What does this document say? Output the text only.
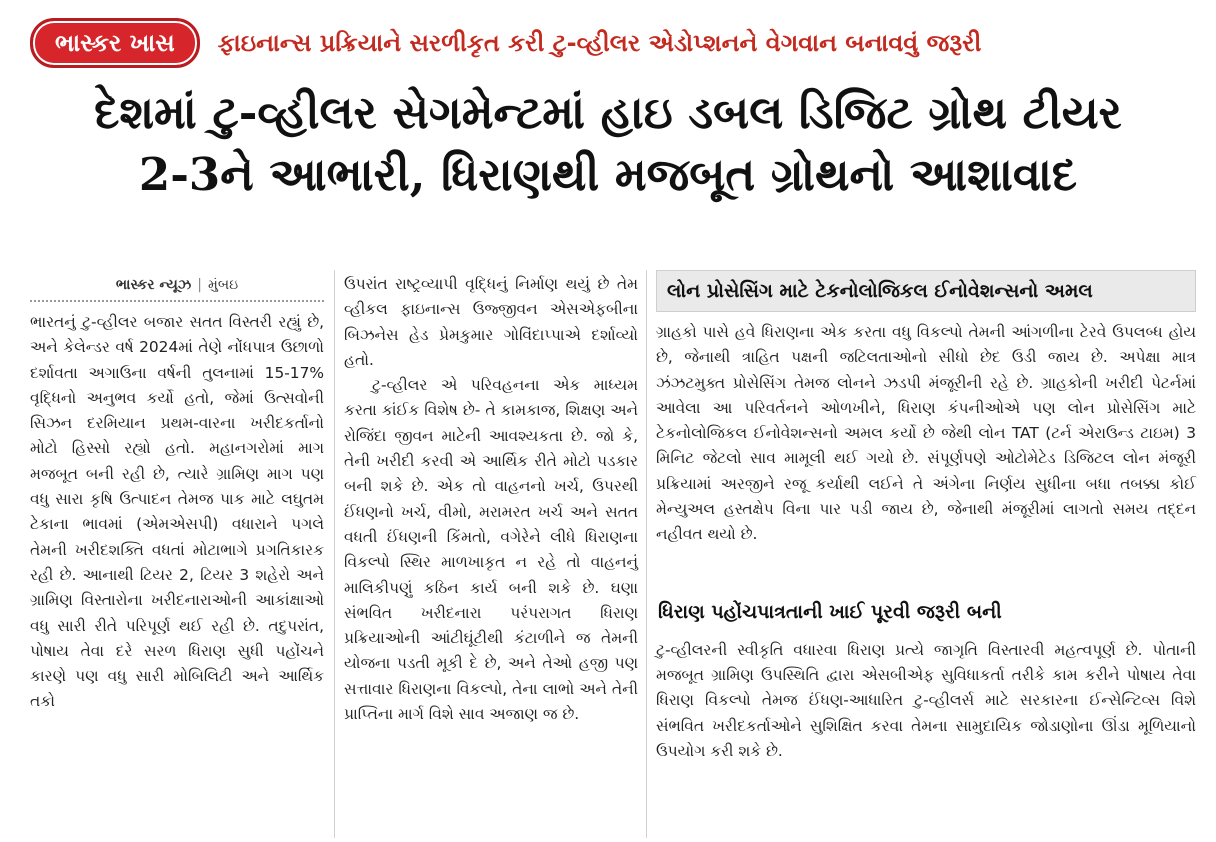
ભાસ્કર ખાસ	ફાઇનાન્સ પ્રક્રિયાને સરળીકૃત કરી ટુ-વ્હીલર એડોપ્શનને વેગવાન બનાવવું જરૂરી
દેશમાં ટુ-વ્હીલર સેગમેન્ટમાં હાઇ ડબલ ડિજિટ ગ્રોથ ટીયર
2-3ને આભારી, ધિરાણથી મજબૂત ગ્રોથનો આશાવાદ
ભાસ્કર ન્યૂઝ | મુંબઇ

ભારતનું ટુ-વ્હીલર બજાર સતત વિસ્તરી રહ્યું છે, અને કેલેન્ડર વર્ષ 2024માં તેણે નોંધપાત્ર ઉછાળો દર્શાવતા અગાઉના વર્ષની તુલનામાં 15-17% વૃદ્ધિનો અનુભવ કર્યો હતો, જેમાં ઉત્સવોની સિઝન દરમિયાન પ્રથમ-વારના ખરીદકર્તાનો મોટો હિસ્સો રહ્યો હતો. મહાનગરોમાં માગ મજબૂત બની રહી છે, ત્યારે ગ્રામિણ માગ પણ વધુ સારા કૃષિ ઉત્પાદન તેમજ પાક માટે લઘુતમ ટેકાના ભાવમાં (એમએસપી) વધારાને પગલે તેમની ખરીદશક્તિ વધતાં મોટાભાગે પ્રગતિકારક રહી છે. આનાથી ટિયર 2, ટિયર 3 શહેરો અને ગ્રામિણ વિસ્તારોના ખરીદનારાઓની આકાંક્ષાઓ વધુ સારી રીતે પરિપૂર્ણ થઈ રહી છે. તદુપરાંત, પોષાય તેવા દરે સરળ ધિરાણ સુધી પહોંચને કારણે પણ વધુ સારી મોબિલિટી અને આર્થિક તકો

ઉપરાંત રાષ્ટ્રવ્યાપી વૃદ્ધિનું નિર્માણ થયું છે તેમ વ્હીકલ ફાઇનાન્સ ઉજ્જીવન એસએફબીના બિઝનેસ હેડ પ્રેમકુમાર ગોવિંદાપ્પાએ દર્શાવ્યો હતો.

ટુ-વ્હીલર એ પરિવહનના એક માધ્યમ કરતા કાંઈક વિશેષ છે- તે કામકાજ, શિક્ષણ અને રોજિંદા જીવન માટેની આવશ્યકતા છે. જો કે, તેની ખરીદી કરવી એ આર્થિક રીતે મોટો પડકાર બની શકે છે. એક તો વાહનનો ખર્ચ, ઉપરથી ઈંધણનો ખર્ચ, વીમો, મરામરત ખર્ચ અને સતત વધતી ઈંધણની કિંમતો, વગેરેને લીધે ધિરાણના વિકલ્પો સ્થિર માળખાકૃત ન રહે તો વાહનનું માલિકીપણું કઠિન કાર્ય બની શકે છે. ઘણા સંભવિત ખરીદનારા પરંપરાગત ધિરાણ પ્રક્રિયાઓની આંટીઘૂંટીથી કંટાળીને જ તેમની યોજના પડતી મૂકી દે છે, અને તેઓ હજી પણ સત્તાવાર ધિરાણના વિકલ્પો, તેના લાભો અને તેની પ્રાપ્તિના માર્ગ વિશે સાવ અજાણ જ છે.

લોન પ્રોસેસિંગ માટે ટેકનોલોજિકલ ઈનોવેશન્સનો અમલ

ગ્રાહકો પાસે હવે ધિરાણના એક કરતા વધુ વિકલ્પો તેમની આંગળીના ટેરવે ઉપલબ્ધ હોય છે, જેનાથી ત્રાહિત પક્ષની જટિલતાઓનો સીધો છેદ ઉડી જાય છે. અપેક્ષા માત્ર ઝંઝટમુક્ત પ્રોસેસિંગ તેમજ લોનને ઝડપી મંજૂરીની રહે છે. ગ્રાહકોની ખરીદી પેટર્નમાં આવેલા આ પરિવર્તનને ઓળખીને, ધિરાણ કંપનીઓએ પણ લોન પ્રોસેસિંગ માટે ટેકનોલોજિકલ ઈનોવેશન્સનો અમલ કર્યો છે જેથી લોન TAT (ટર્ન એરાઉન્ડ ટાઇમ) 3 મિનિટ જેટલો સાવ મામૂલી થઈ ગયો છે. સંપૂર્ણપણે ઓટોમેટેડ ડિજિટલ લોન મંજૂરી પ્રક્રિયામાં અરજીને રજૂ કર્યાથી લઈને તે અંગેના નિર્ણય સુધીના બધા તબક્કા કોઈ મેન્યુઅલ હસ્તક્ષેપ વિના પાર પડી જાય છે, જેનાથી મંજૂરીમાં લાગતો સમય તદ્દન નહીવત થયો છે.

ધિરાણ પહોંચપાત્રતાની ખાઈ પૂરવી જરૂરી બની

ટુ-વ્હીલરની સ્વીકૃતિ વધારવા ધિરાણ પ્રત્યે જાગૃતિ વિસ્તારવી મહત્વપૂર્ણ છે. પોતાની મજબૂત ગ્રામિણ ઉપસ્થિતિ દ્વારા એસબીએફ સુવિધાકર્તા તરીકે કામ કરીને પોષાય તેવા ધિરાણ વિકલ્પો તેમજ ઈંધણ-આધારિત ટુ-વ્હીલર્સ માટે સરકારના ઈન્સેન્ટિવ્સ વિશે સંભવિત ખરીદકર્તાઓને સુશિક્ષિત કરવા તેમના સામુદાયિક જોડાણોના ઊંડા મૂળિયાનો ઉપયોગ કરી શકે છે.
